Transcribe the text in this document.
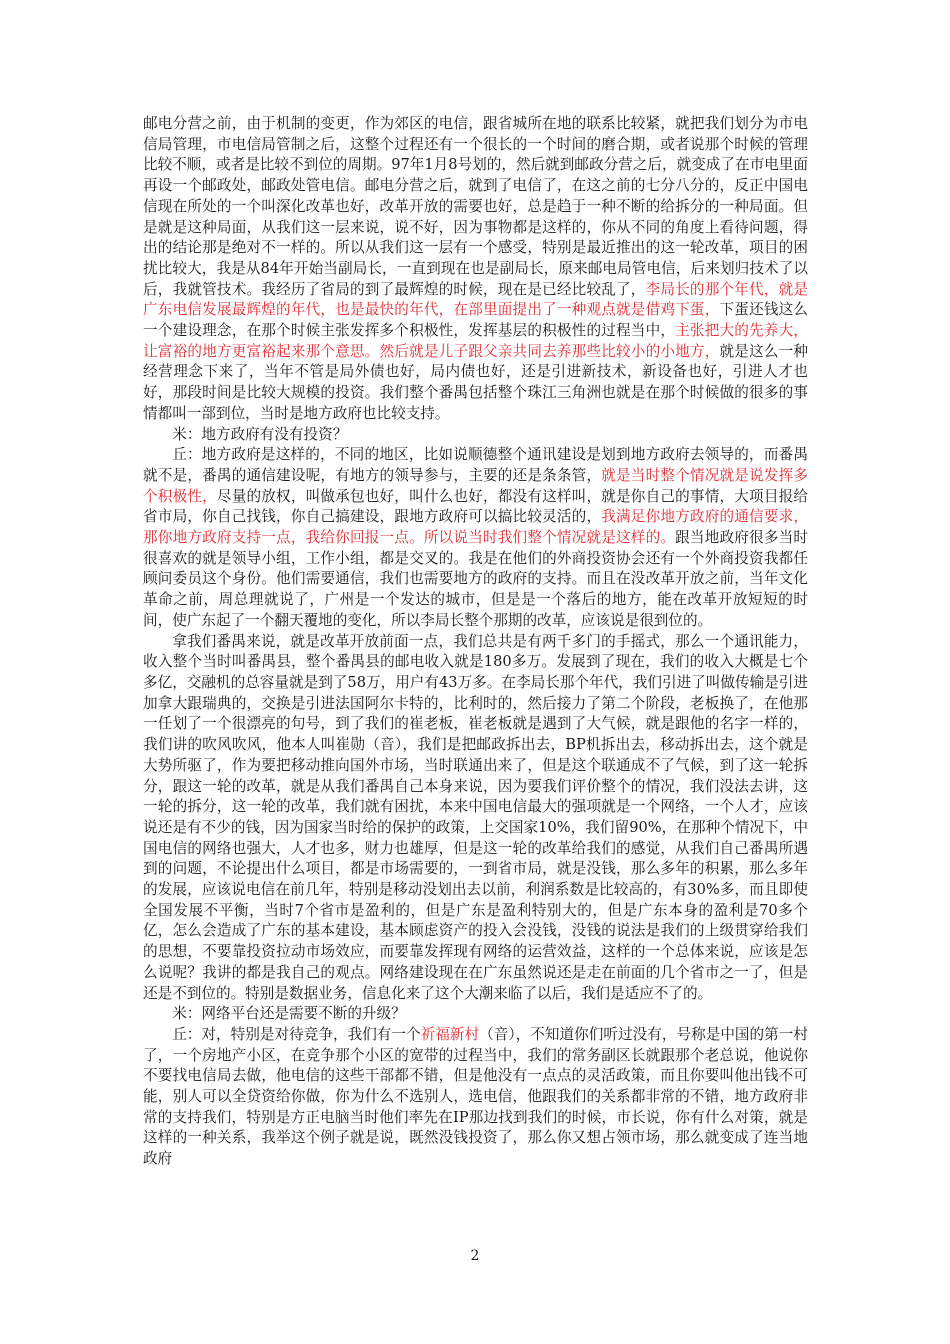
邮电分营之前，由于机制的变更，作为郊区的电信，跟省城所在地的联系比较紧，就把我们划分为市电信局管理，市电信局管制之后，这整个过程还有一个很长的一个时间的磨合期，或者说那个时候的管理比较不顺，或者是比较不到位的周期。97年1月8号划的，然后就到邮政分营之后，就变成了在市电里面再设一个邮政处，邮政处管电信。邮电分营之后，就到了电信了，在这之前的七分八分的，反正中国电信现在所处的一个叫深化改革也好，改革开放的需要也好，总是趋于一种不断的给拆分的一种局面。但是就是这种局面，从我们这一层来说，说不好，因为事物都是这样的，你从不同的角度上看待问题，得出的结论那是绝对不一样的。所以从我们这一层有一个感受，特别是最近推出的这一轮改革，项目的困扰比较大，我是从84年开始当副局长，一直到现在也是副局长，原来邮电局管电信，后来划归技术了以后，我就管技术。我经历了省局的到了最辉煌的时候，现在是已经比较乱了，李局长的那个年代，就是广东电信发展最辉煌的年代，也是最快的年代，在部里面提出了一种观点就是借鸡下蛋，下蛋还钱这么一个建设理念，在那个时候主张发挥多个积极性，发挥基层的积极性的过程当中，主张把大的先养大，让富裕的地方更富裕起来那个意思。然后就是儿子跟父亲共同去养那些比较小的小地方，就是这么一种经营理念下来了，当年不管是局外债也好，局内债也好，还是引进新技术，新设备也好，引进人才也好，那段时间是比较大规模的投资。我们整个番禺包括整个珠江三角洲也就是在那个时候做的很多的事情都叫一部到位，当时是地方政府也比较支持。

米：地方政府有没有投资？

丘：地方政府是这样的，不同的地区，比如说顺德整个通讯建设是划到地方政府去领导的，而番禺就不是，番禺的通信建设呢，有地方的领导参与，主要的还是条条管，就是当时整个情况就是说发挥多个积极性，尽量的放权，叫做承包也好，叫什么也好，都没有这样叫，就是你自己的事情，大项目报给省市局，你自己找钱，你自己搞建设，跟地方政府可以搞比较灵活的，我满足你地方政府的通信要求，那你地方政府支持一点，我给你回报一点。所以说当时我们整个情况就是这样的。跟当地政府很多当时很喜欢的就是领导小组，工作小组，都是交叉的。我是在他们的外商投资协会还有一个外商投资我都任顾问委员这个身份。他们需要通信，我们也需要地方的政府的支持。而且在没改革开放之前，当年文化革命之前，周总理就说了，广州是一个发达的城市，但是是一个落后的地方，能在改革开放短短的时间，使广东起了一个翻天覆地的变化，所以李局长整个那期的改革，应该说是很到位的。

拿我们番禺来说，就是改革开放前面一点，我们总共是有两千多门的手摇式，那么一个通讯能力，收入整个当时叫番禺县，整个番禺县的邮电收入就是180多万。发展到了现在，我们的收入大概是七个多亿，交融机的总容量就是到了58万，用户有43万多。在李局长那个年代，我们引进了叫做传输是引进加拿大跟瑞典的，交换是引进法国阿尔卡特的，比利时的，然后接力了第二个阶段，老板换了，在他那一任划了一个很漂亮的句号，到了我们的崔老板，崔老板就是遇到了大气候，就是跟他的名字一样的，我们讲的吹风吹风，他本人叫崔勋（音），我们是把邮政拆出去，BP机拆出去，移动拆出去，这个就是大势所驱了，作为要把移动推向国外市场，当时联通出来了，但是这个联通成不了气候，到了这一轮拆分，跟这一轮的改革，就是从我们番禺自己本身来说，因为要我们评价整个的情况，我们没法去讲，这一轮的拆分，这一轮的改革，我们就有困扰，本来中国电信最大的强项就是一个网络，一个人才，应该说还是有不少的钱，因为国家当时给的保护的政策，上交国家10%，我们留90%，在那种个情况下，中国电信的网络也强大，人才也多，财力也雄厚，但是这一轮的改革给我们的感觉，从我们自己番禺所遇到的问题，不论提出什么项目，都是市场需要的，一到省市局，就是没钱，那么多年的积累，那么多年的发展，应该说电信在前几年，特别是移动没划出去以前，利润系数是比较高的，有30%多，而且即使全国发展不平衡，当时7个省市是盈利的，但是广东是盈利特别大的，但是广东本身的盈利是70多个亿，怎么会造成了广东的基本建设，基本顾虑资产的投入会没钱，没钱的说法是我们的上级贯穿给我们的思想，不要靠投资拉动市场效应，而要靠发挥现有网络的运营效益，这样的一个总体来说，应该是怎么说呢？我讲的都是我自己的观点。网络建设现在在广东虽然说还是走在前面的几个省市之一了，但是还是不到位的。特别是数据业务，信息化来了这个大潮来临了以后，我们是适应不了的。

米：网络平台还是需要不断的升级？

丘：对，特别是对待竞争，我们有一个祈福新村（音），不知道你们听过没有，号称是中国的第一村了，一个房地产小区，在竞争那个小区的宽带的过程当中，我们的常务副区长就跟那个老总说，他说你不要找电信局去做，他电信的这些干部都不错，但是他没有一点点的灵活政策，而且你要叫他出钱不可能，别人可以全贷资给你做，你为什么不选别人，选电信，他跟我们的关系都非常的不错，地方政府非常的支持我们，特别是方正电脑当时他们率先在IP那边找到我们的时候，市长说，你有什么对策，就是这样的一种关系，我举这个例子就是说，既然没钱投资了，那么你又想占领市场，那么就变成了连当地政府

2
